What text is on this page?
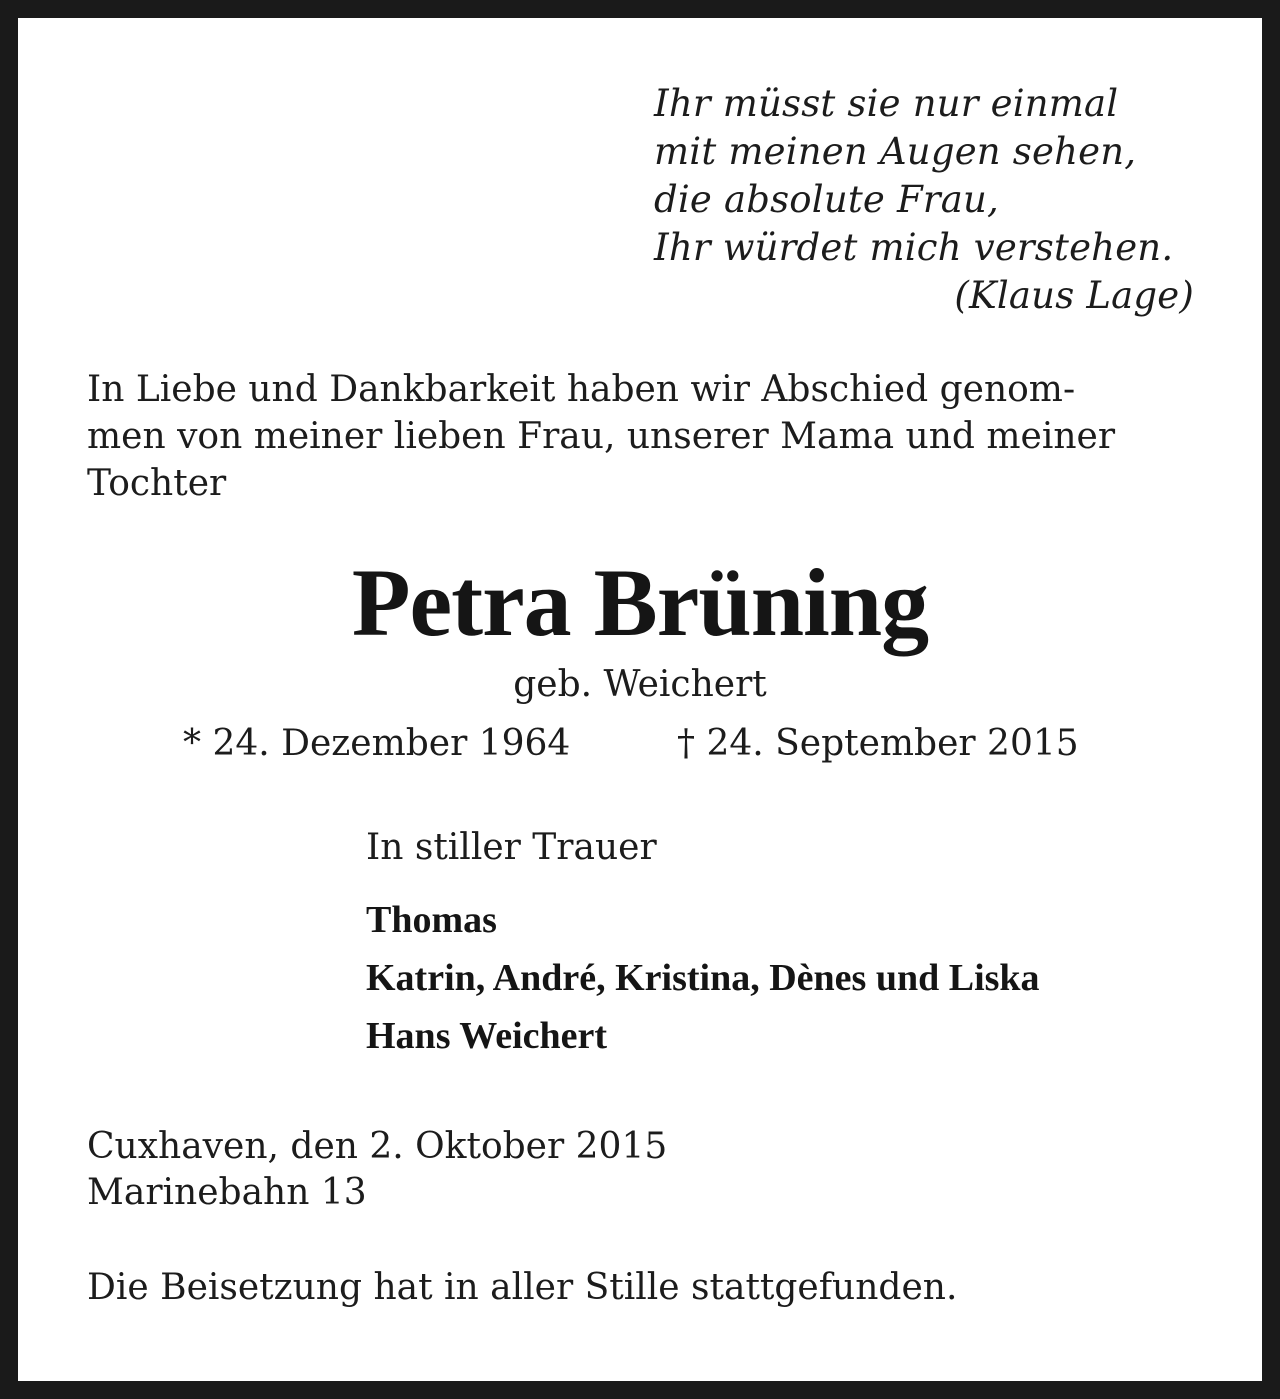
Ihr müsst sie nur einmal
mit meinen Augen sehen,
die absolute Frau,
Ihr würdet mich verstehen.
(Klaus Lage)
In Liebe und Dankbarkeit haben wir Abschied genom-
men von meiner lieben Frau, unserer Mama und meiner
Tochter
Petra Brüning
geb. Weichert
* 24. Dezember 1964	† 24. September 2015
In stiller Trauer
Thomas
Katrin, André, Kristina, Dènes und Liska
Hans Weichert
Cuxhaven, den 2. Oktober 2015
Marinebahn 13
Die Beisetzung hat in aller Stille stattgefunden.
